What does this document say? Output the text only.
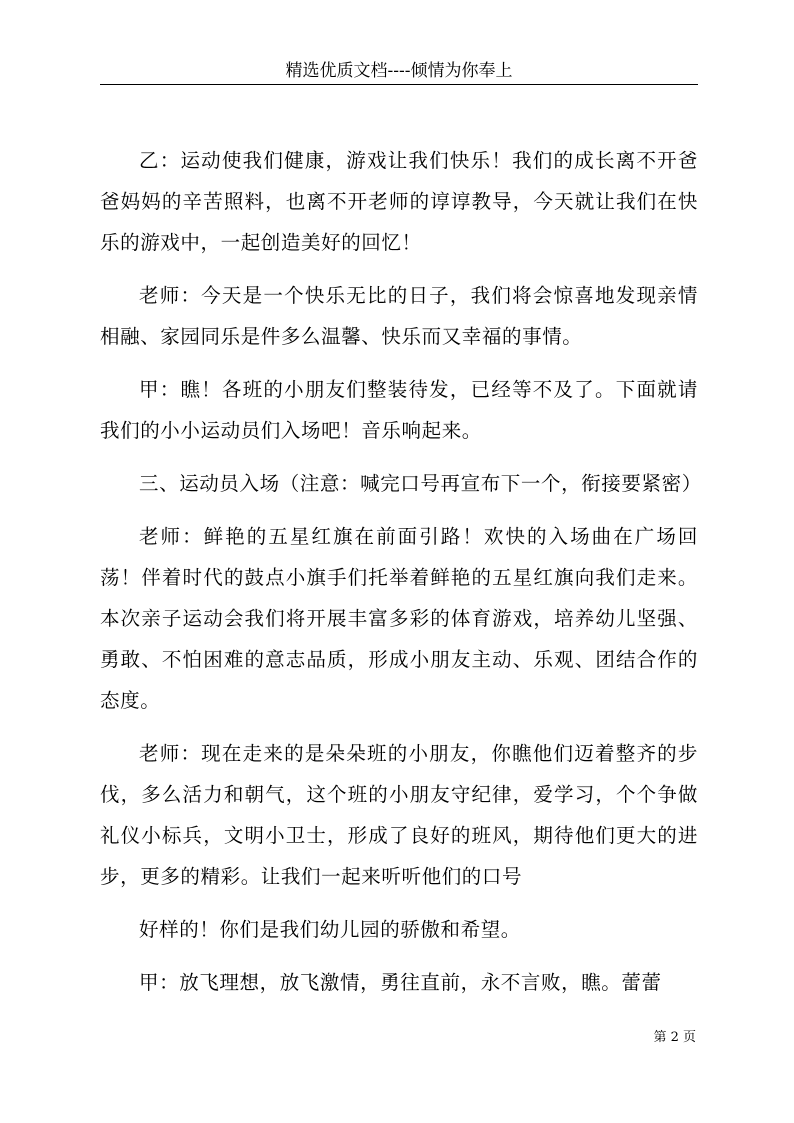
精选优质文档----倾情为你奉上

乙：运动使我们健康，游戏让我们快乐！我们的成长离不开爸爸妈妈的辛苦照料，也离不开老师的谆谆教导，今天就让我们在快乐的游戏中，一起创造美好的回忆！

老师：今天是一个快乐无比的日子，我们将会惊喜地发现亲情相融、家园同乐是件多么温馨、快乐而又幸福的事情。

甲：瞧！各班的小朋友们整装待发，已经等不及了。下面就请我们的小小运动员们入场吧！音乐响起来。

三、运动员入场（注意：喊完口号再宣布下一个，衔接要紧密）

老师：鲜艳的五星红旗在前面引路！欢快的入场曲在广场回荡！伴着时代的鼓点小旗手们托举着鲜艳的五星红旗向我们走来。本次亲子运动会我们将开展丰富多彩的体育游戏，培养幼儿坚强、勇敢、不怕困难的意志品质，形成小朋友主动、乐观、团结合作的态度。

老师：现在走来的是朵朵班的小朋友，你瞧他们迈着整齐的步伐，多么活力和朝气，这个班的小朋友守纪律，爱学习，个个争做礼仪小标兵，文明小卫士，形成了良好的班风，期待他们更大的进步，更多的精彩。让我们一起来听听他们的口号

好样的！你们是我们幼儿园的骄傲和希望。

甲：放飞理想，放飞激情，勇往直前，永不言败，瞧。蕾蕾

第 2 页
